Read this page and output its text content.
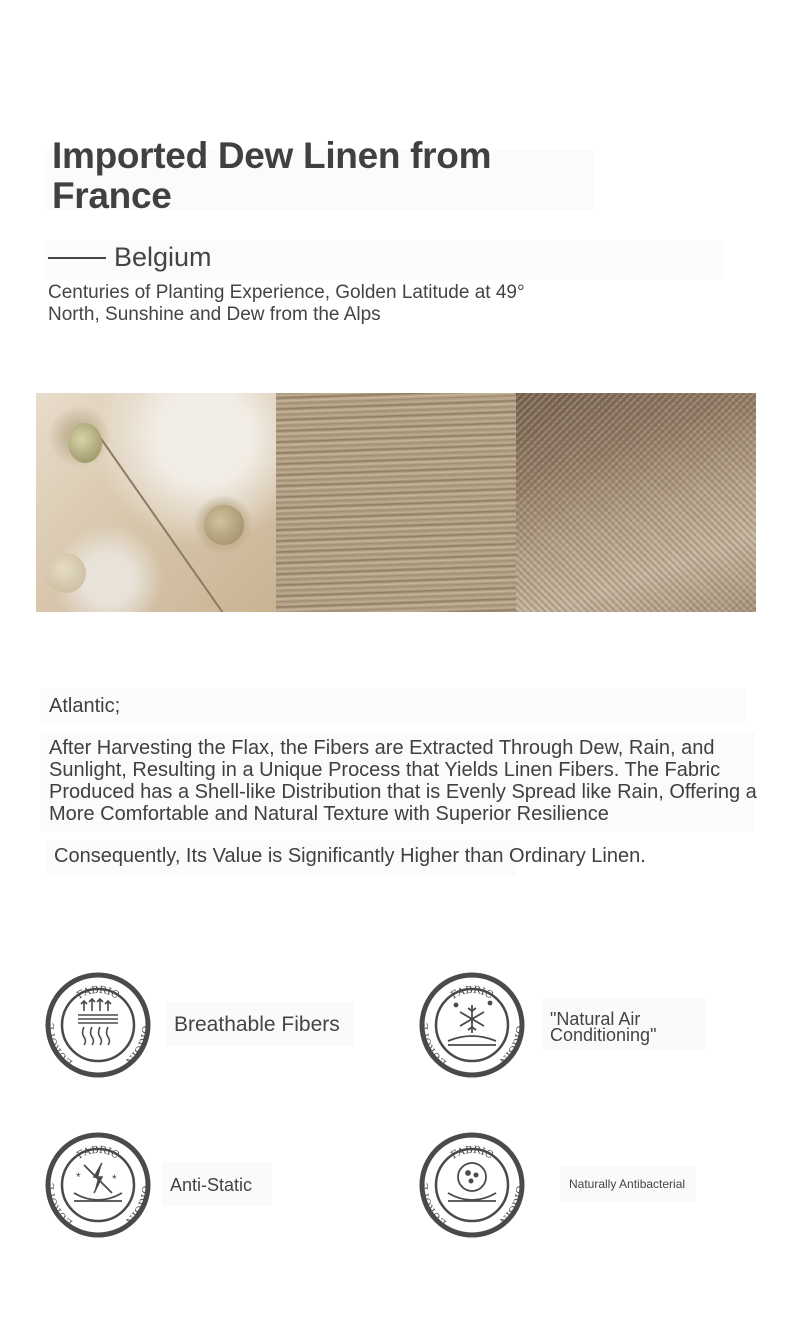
Imported Dew Linen from France
Belgium
Centuries of Planting Experience, Golden Latitude at 49° North, Sunshine and Dew from the Alps
Atlantic;
After Harvesting the Flax, the Fibers are Extracted Through Dew, Rain, and Sunlight, Resulting in a Unique Process that Yields Linen Fibers. The Fabric Produced has a Shell-like Distribution that is Evenly Spread like Rain, Offering a More Comfortable and Natural Texture with Superior Resilience
Consequently, Its Value is Significantly Higher than Ordinary Linen.
FABRIC
EUROPE	ORIGIN
Breathable Fibers
FABRIC
EUROPE	ORIGIN
"Natural Air Conditioning"
FABRIC
EUROPE	ORIGIN
*	*	Anti-Static
FABRIC
EUROPE	ORIGIN
Naturally Antibacterial
